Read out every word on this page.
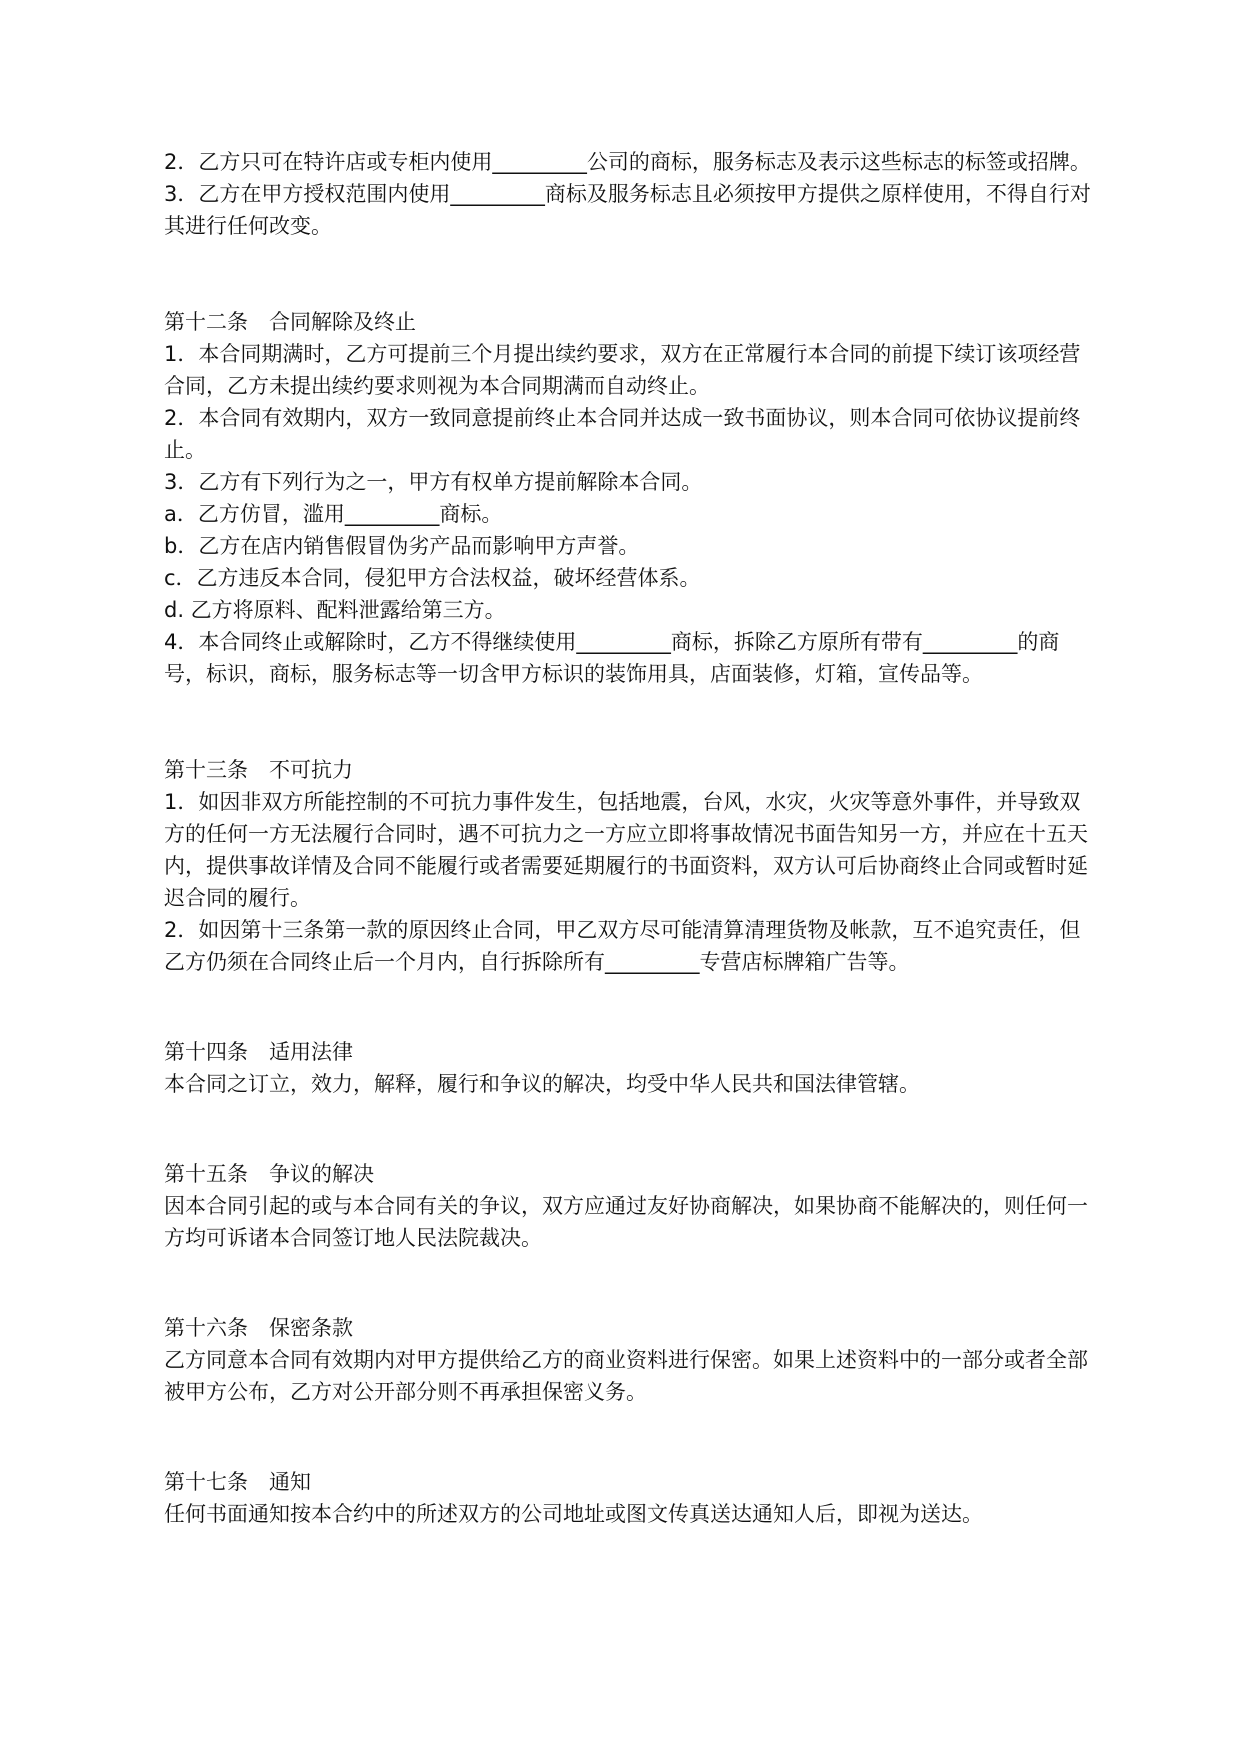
2．乙方只可在特许店或专柜内使用_________公司的商标，服务标志及表示这些标志的标签或招牌。

3．乙方在甲方授权范围内使用_________商标及服务标志且必须按甲方提供之原样使用，不得自行对其进行任何改变。

第十二条　合同解除及终止

1．本合同期满时，乙方可提前三个月提出续约要求，双方在正常履行本合同的前提下续订该项经营合同，乙方未提出续约要求则视为本合同期满而自动终止。

2．本合同有效期内，双方一致同意提前终止本合同并达成一致书面协议，则本合同可依协议提前终止。

3．乙方有下列行为之一，甲方有权单方提前解除本合同。

a．乙方仿冒，滥用_________商标。

b．乙方在店内销售假冒伪劣产品而影响甲方声誉。

c．乙方违反本合同，侵犯甲方合法权益，破坏经营体系。

d. 乙方将原料、配料泄露给第三方。

4．本合同终止或解除时，乙方不得继续使用_________商标，拆除乙方原所有带有_________的商号，标识，商标，服务标志等一切含甲方标识的装饰用具，店面装修，灯箱，宣传品等。

第十三条　不可抗力

1．如因非双方所能控制的不可抗力事件发生，包括地震，台风，水灾，火灾等意外事件，并导致双方的任何一方无法履行合同时，遇不可抗力之一方应立即将事故情况书面告知另一方，并应在十五天内，提供事故详情及合同不能履行或者需要延期履行的书面资料，双方认可后协商终止合同或暂时延迟合同的履行。

2．如因第十三条第一款的原因终止合同，甲乙双方尽可能清算清理货物及帐款，互不追究责任，但乙方仍须在合同终止后一个月内，自行拆除所有_________专营店标牌箱广告等。

第十四条　适用法律

本合同之订立，效力，解释，履行和争议的解决，均受中华人民共和国法律管辖。

第十五条　争议的解决

因本合同引起的或与本合同有关的争议，双方应通过友好协商解决，如果协商不能解决的，则任何一方均可诉诸本合同签订地人民法院裁决。

第十六条　保密条款

乙方同意本合同有效期内对甲方提供给乙方的商业资料进行保密。如果上述资料中的一部分或者全部被甲方公布，乙方对公开部分则不再承担保密义务。

第十七条　通知

任何书面通知按本合约中的所述双方的公司地址或图文传真送达通知人后，即视为送达。
